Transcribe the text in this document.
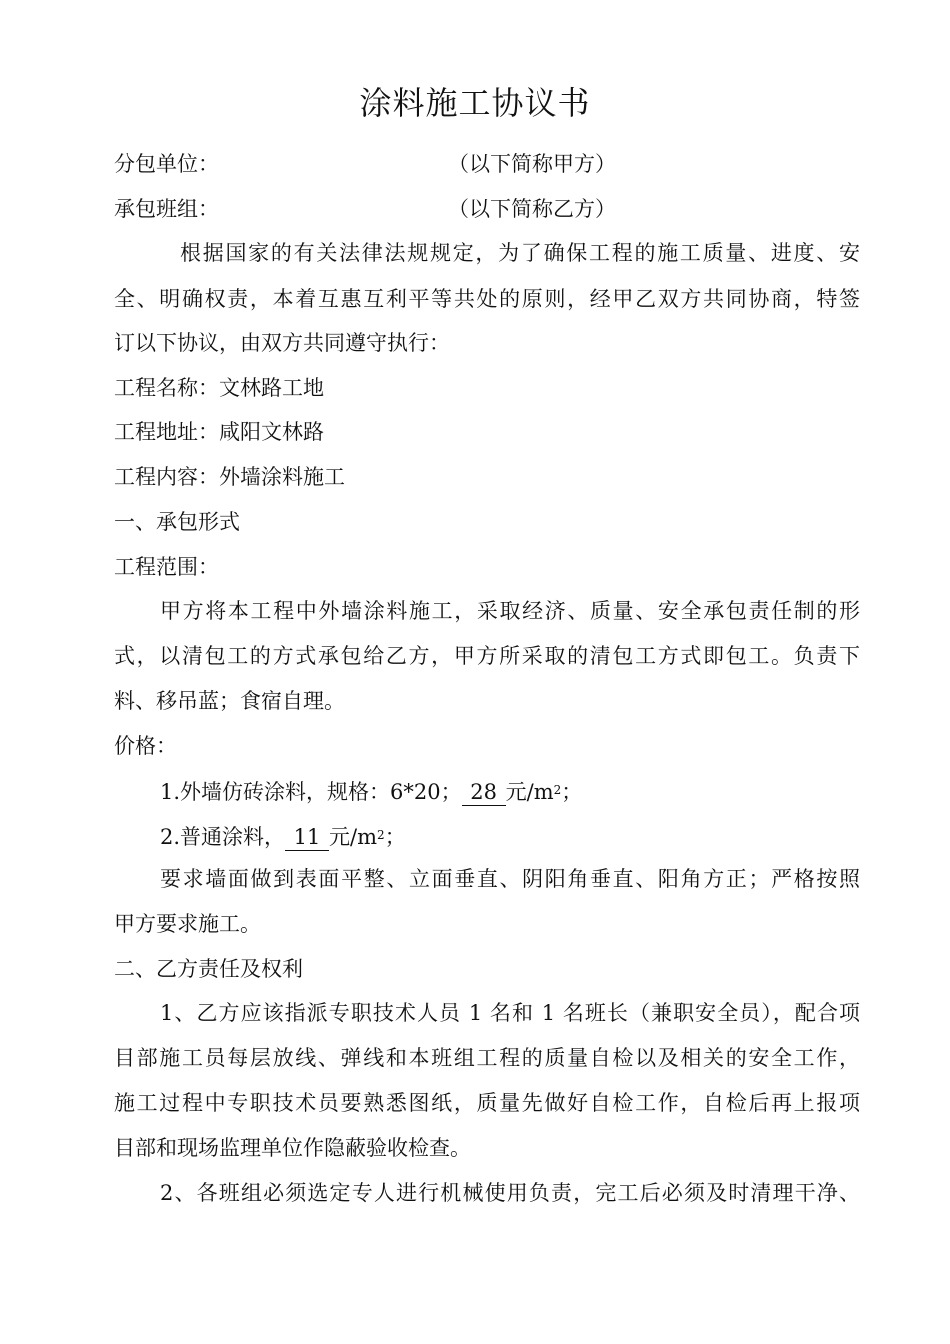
涂料施工协议书
分包单位：	（以下简称甲方）
承包班组：	（以下简称乙方）
根据国家的有关法律法规规定，为了确保工程的施工质量、进度、安
全、明确权责，本着互惠互利平等共处的原则，经甲乙双方共同协商，特签
订以下协议，由双方共同遵守执行：
工程名称：文林路工地
工程地址：咸阳文林路
工程内容：外墙涂料施工
一、承包形式
工程范围：
甲方将本工程中外墙涂料施工，采取经济、质量、安全承包责任制的形
式，以清包工的方式承包给乙方，甲方所采取的清包工方式即包工。负责下
料、移吊蓝；食宿自理。
价格：
1.外墙仿砖涂料，规格：6*20； 28 元$/m^2$；
2.普通涂料， 11 元$/m^2$；
要求墙面做到表面平整、立面垂直、阴阳角垂直、阳角方正；严格按照
甲方要求施工。
二、乙方责任及权利
1、乙方应该指派专职技术人员 1 名和 1 名班长（兼职安全员），配合项
目部施工员每层放线、弹线和本班组工程的质量自检以及相关的安全工作，
施工过程中专职技术员要熟悉图纸，质量先做好自检工作，自检后再上报项
目部和现场监理单位作隐蔽验收检查。
2、各班组必须选定专人进行机械使用负责，完工后必须及时清理干净、
